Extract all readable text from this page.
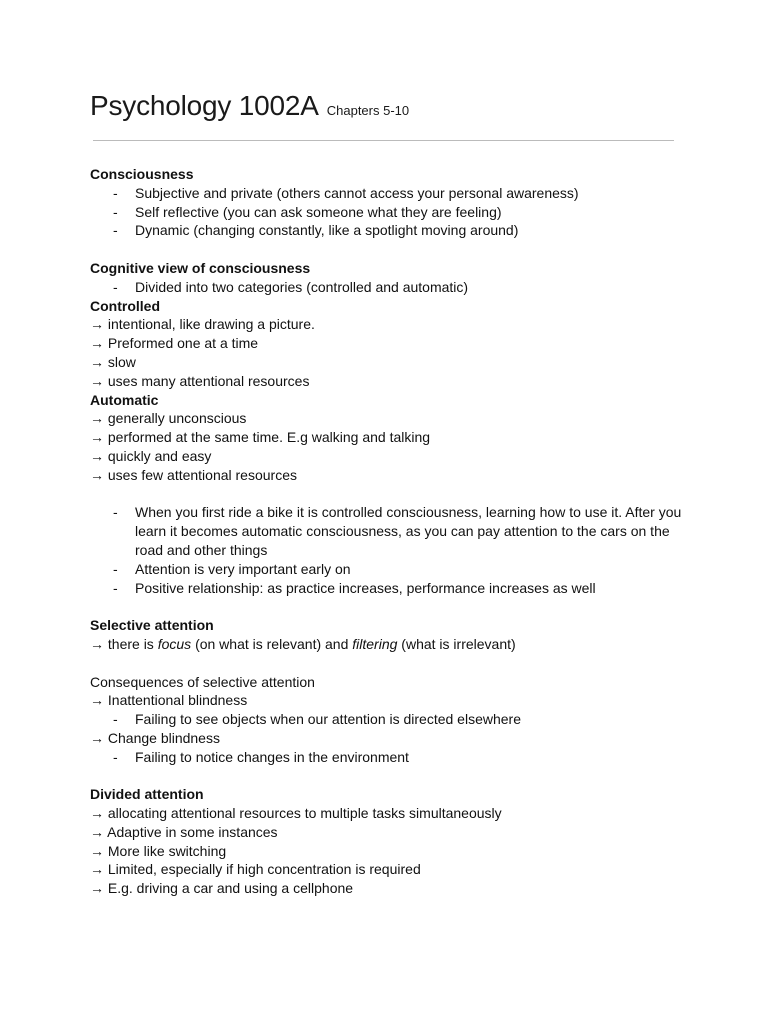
Psychology 1002A Chapters 5-10

Consciousness

- Subjective and private (others cannot access your personal awareness)
- Self reflective (you can ask someone what they are feeling)
- Dynamic (changing constantly, like a spotlight moving around)

Cognitive view of consciousness

- Divided into two categories (controlled and automatic)

Controlled

→ intentional, like drawing a picture.

→ Preformed one at a time

→ slow

→ uses many attentional resources

Automatic

→ generally unconscious

→ performed at the same time. E.g walking and talking

→ quickly and easy

→ uses few attentional resources

- When you first ride a bike it is controlled consciousness, learning how to use it. After you learn it becomes automatic consciousness, as you can pay attention to the cars on the road and other things
- Attention is very important early on
- Positive relationship: as practice increases, performance increases as well

Selective attention

→ there is focus (on what is relevant) and filtering (what is irrelevant)

Consequences of selective attention

→ Inattentional blindness

- Failing to see objects when our attention is directed elsewhere

→ Change blindness

- Failing to notice changes in the environment

Divided attention

→ allocating attentional resources to multiple tasks simultaneously

→ Adaptive in some instances

→ More like switching

→ Limited, especially if high concentration is required

→ E.g. driving a car and using a cellphone
